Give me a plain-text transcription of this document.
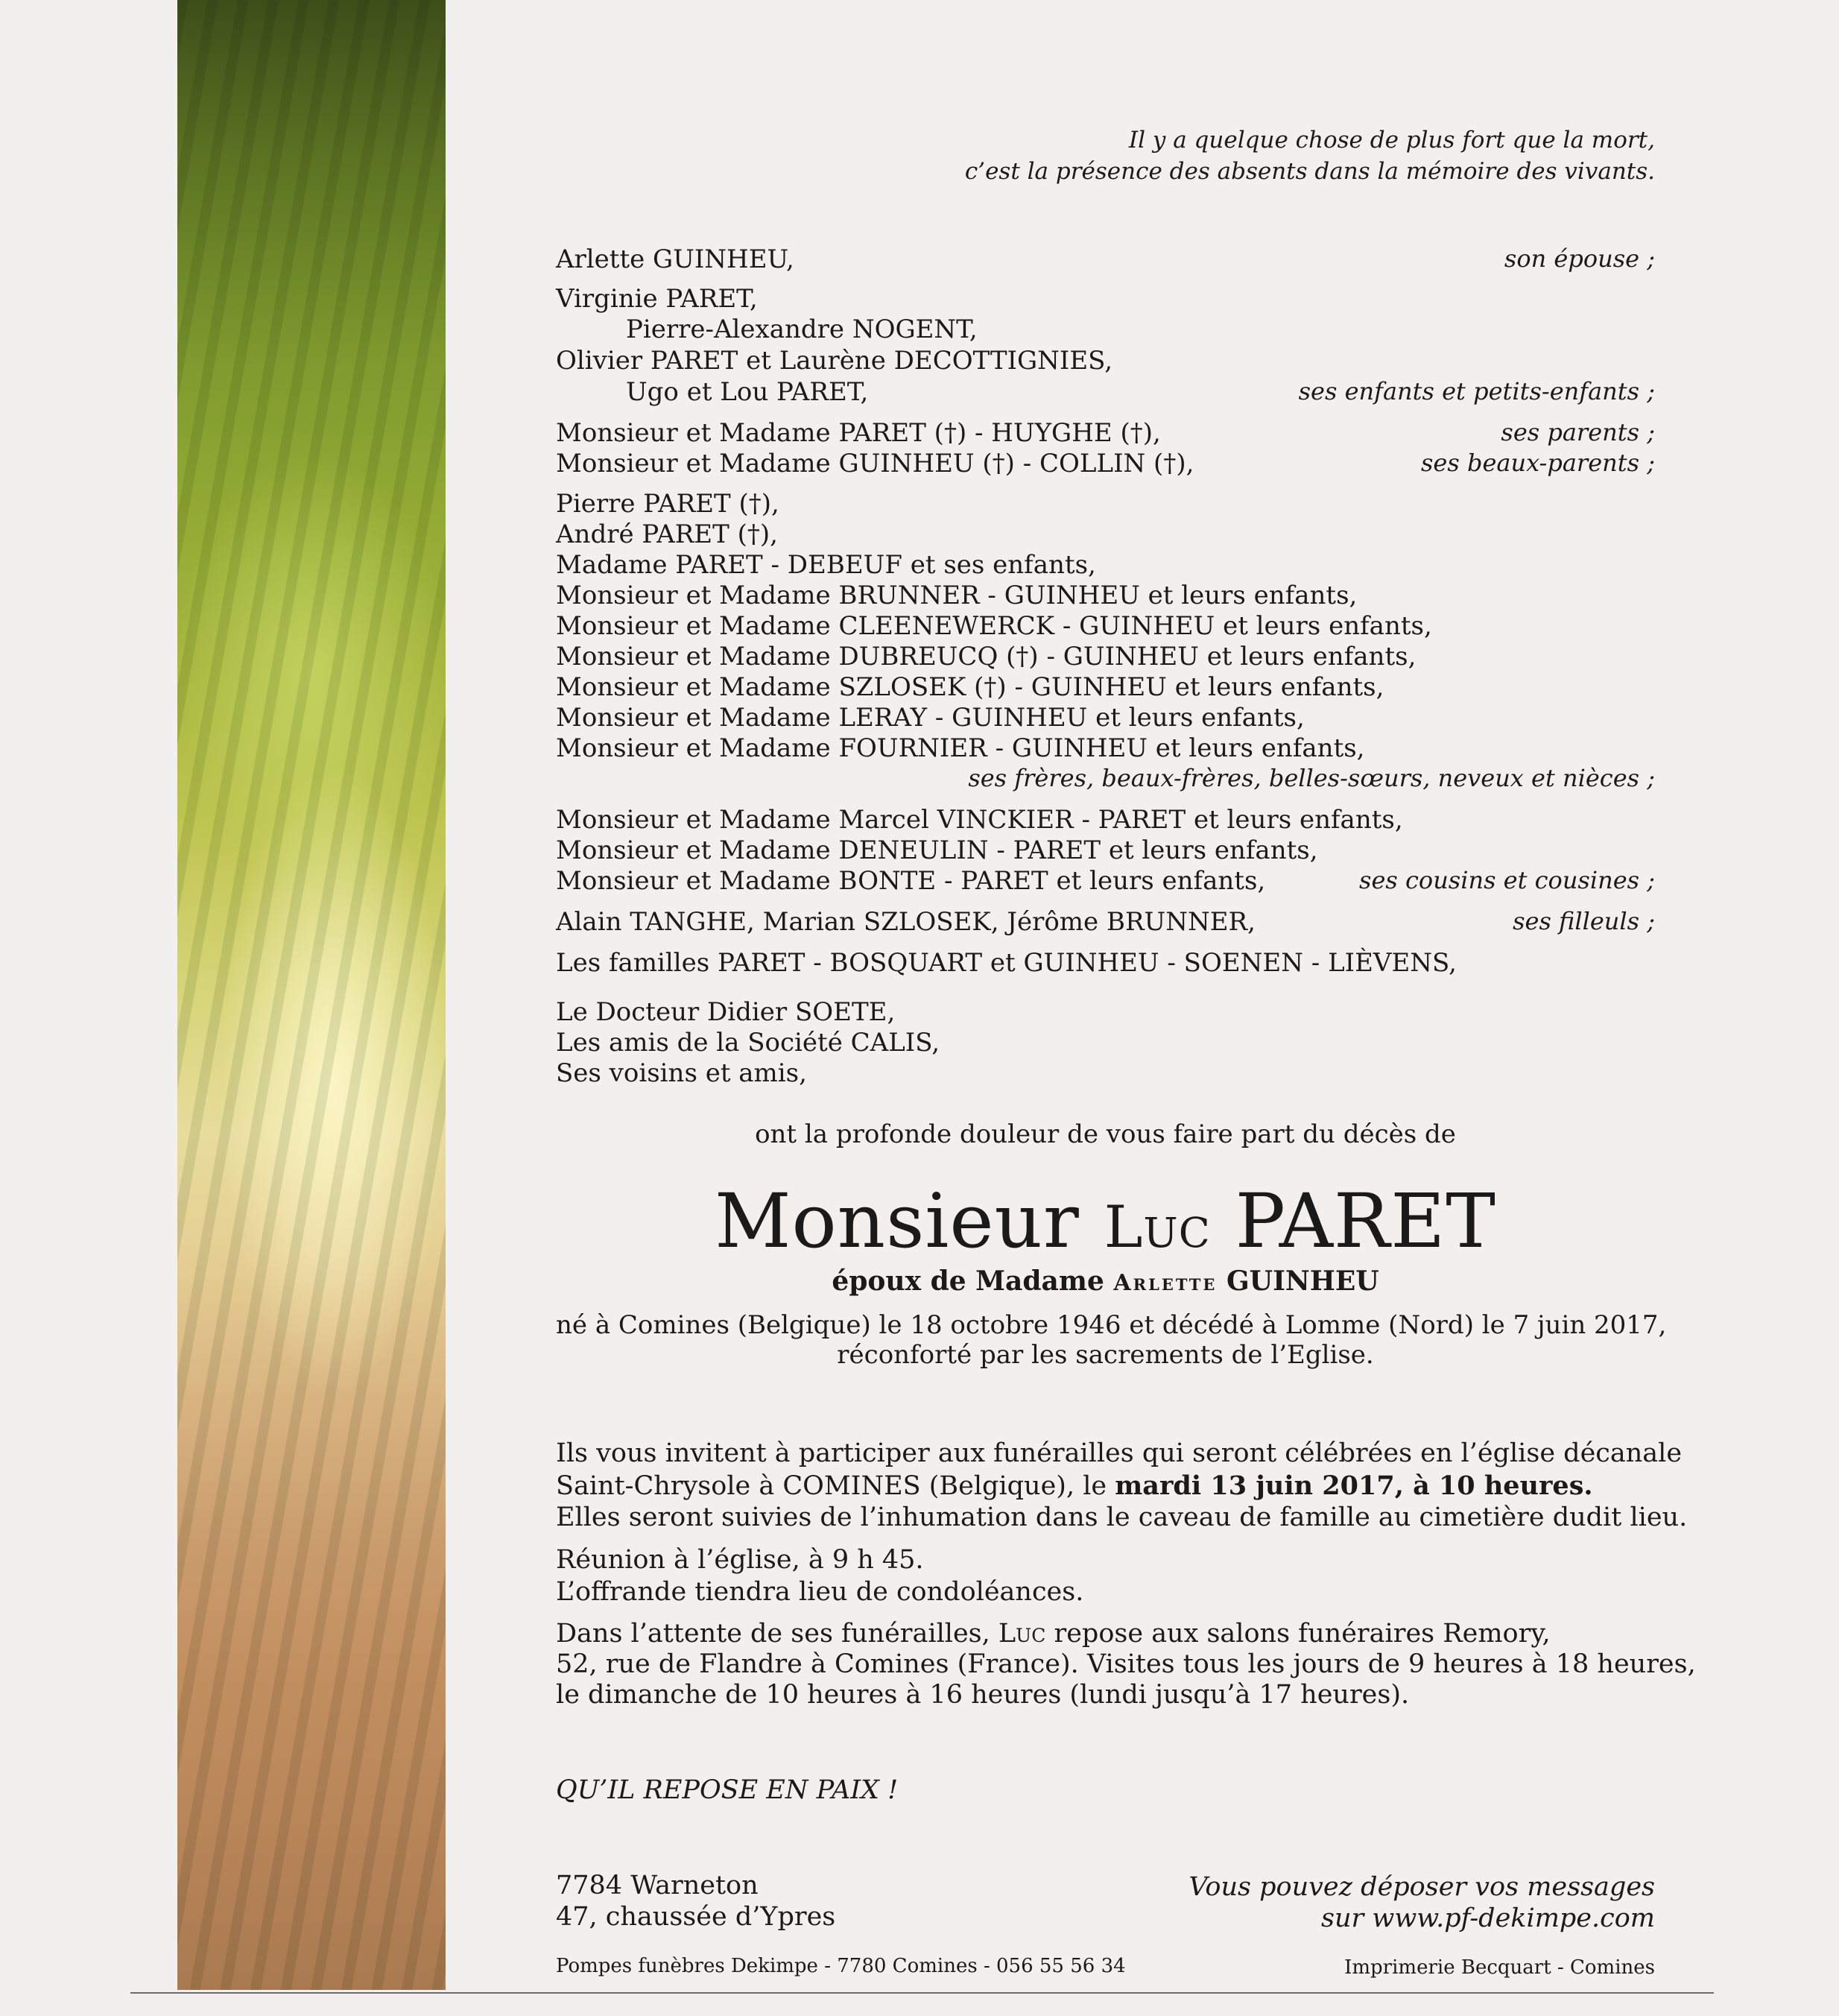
Il y a quelque chose de plus fort que la mort,
c’est la présence des absents dans la mémoire des vivants.
Arlette GUINHEU,	son épouse ;
Virginie PARET,
Pierre-Alexandre NOGENT,
Olivier PARET et Laurène DECOTTIGNIES,
Ugo et Lou PARET,	ses enfants et petits-enfants ;
Monsieur et Madame PARET (†) - HUYGHE (†),	ses parents ;
Monsieur et Madame GUINHEU (†) - COLLIN (†),	ses beaux-parents ;
Pierre PARET (†),
André PARET (†),
Madame PARET - DEBEUF et ses enfants,
Monsieur et Madame BRUNNER - GUINHEU et leurs enfants,
Monsieur et Madame CLEENEWERCK - GUINHEU et leurs enfants,
Monsieur et Madame DUBREUCQ (†) - GUINHEU et leurs enfants,
Monsieur et Madame SZLOSEK (†) - GUINHEU et leurs enfants,
Monsieur et Madame LERAY - GUINHEU et leurs enfants,
Monsieur et Madame FOURNIER - GUINHEU et leurs enfants,
ses frères, beaux-frères, belles-sœurs, neveux et nièces ;
Monsieur et Madame Marcel VINCKIER - PARET et leurs enfants,
Monsieur et Madame DENEULIN - PARET et leurs enfants,
Monsieur et Madame BONTE - PARET et leurs enfants,	ses cousins et cousines ;
Alain TANGHE, Marian SZLOSEK, Jérôme BRUNNER,	ses filleuls ;
Les familles PARET - BOSQUART et GUINHEU - SOENEN - LIÈVENS,
Le Docteur Didier SOETE,
Les amis de la Société CALIS,
Ses voisins et amis,
ont la profonde douleur de vous faire part du décès de
Monsieur Luc PARET
époux de Madame Arlette GUINHEU
né à Comines (Belgique) le 18 octobre 1946 et décédé à Lomme (Nord) le 7 juin 2017,
réconforté par les sacrements de l’Eglise.
Ils vous invitent à participer aux funérailles qui seront célébrées en l’église décanale
Saint-Chrysole à COMINES (Belgique), le mardi 13 juin 2017, à 10 heures.
Elles seront suivies de l’inhumation dans le caveau de famille au cimetière dudit lieu.
Réunion à l’église, à 9 h 45.
L’offrande tiendra lieu de condoléances.
Dans l’attente de ses funérailles, Luc repose aux salons funéraires Remory,
52, rue de Flandre à Comines (France). Visites tous les jours de 9 heures à 18 heures,
le dimanche de 10 heures à 16 heures (lundi jusqu’à 17 heures).
QU’IL REPOSE EN PAIX !
7784 Warneton
47, chaussée d’Ypres
Vous pouvez déposer vos messages
sur www.pf-dekimpe.com
Pompes funèbres Dekimpe - 7780 Comines - 056 55 56 34	Imprimerie Becquart - Comines
